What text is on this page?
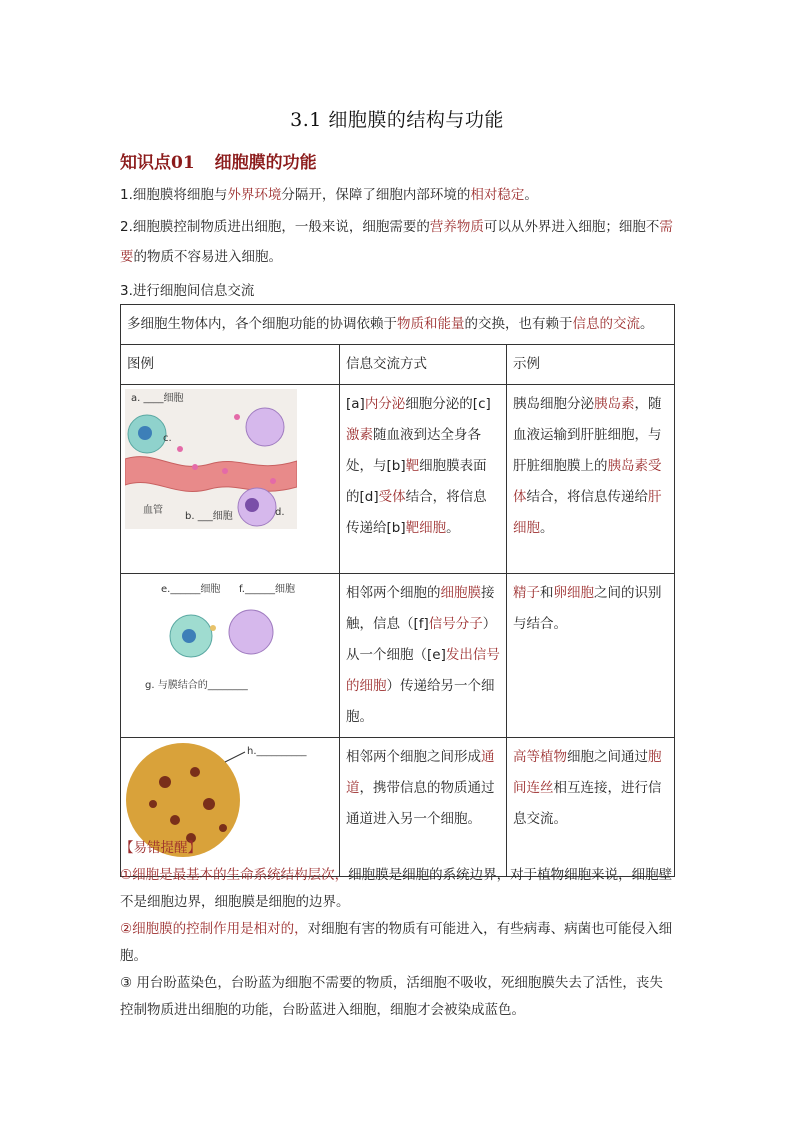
3.1 细胞膜的结构与功能
知识点01 细胞膜的功能
1.细胞膜将细胞与外界环境分隔开，保障了细胞内部环境的相对稳定。
2.细胞膜控制物质进出细胞，一般来说，细胞需要的营养物质可以从外界进入细胞；细胞不需要的物质不容易进入细胞。
3.进行细胞间信息交流
多细胞生物体内，各个细胞功能的协调依赖于物质和能量的交换，也有赖于信息的交流。		
图例	信息交流方式	示例

a. ____细胞
c.
血管
b. ___细胞 d.	[a]内分泌细胞分泌的[c]激素随血液到达全身各处，与[b]靶细胞膜表面的[d]受体结合，将信息传递给[b]靶细胞。	胰岛细胞分泌胰岛素，随血液运输到肝脏细胞，与肝脏细胞膜上的胰岛素受体结合，将信息传递给肝细胞。

e.______细胞 f.______细胞
g. 与膜结合的________	相邻两个细胞的细胞膜接触，信息（[f]信号分子）从一个细胞（[e]发出信号的细胞）传递给另一个细胞。	精子和卵细胞之间的识别与结合。

h.__________	相邻两个细胞之间形成通道，携带信息的物质通过通道进入另一个细胞。	高等植物细胞之间通过胞间连丝相互连接，进行信息交流。
【易错提醒】
①细胞是最基本的生命系统结构层次，细胞膜是细胞的系统边界，对于植物细胞来说，细胞壁不是细胞边界，细胞膜是细胞的边界。
②细胞膜的控制作用是相对的，对细胞有害的物质有可能进入，有些病毒、病菌也可能侵入细胞。
③ 用台盼蓝染色，台盼蓝为细胞不需要的物质，活细胞不吸收，死细胞膜失去了活性，丧失控制物质进出细胞的功能，台盼蓝进入细胞，细胞才会被染成蓝色。
